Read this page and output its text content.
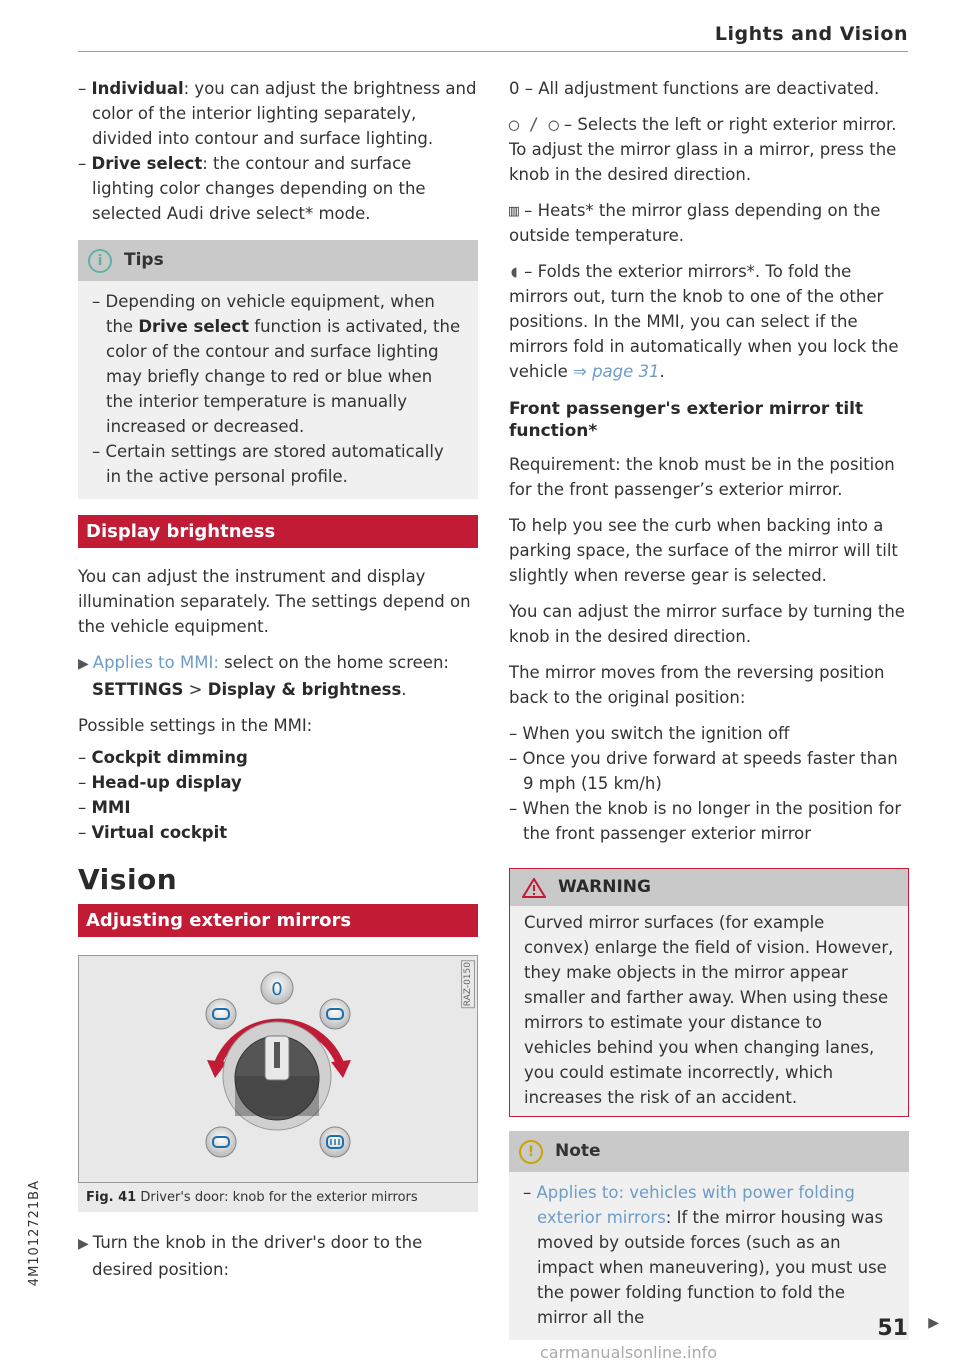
Lights and Vision

– Individual: you can adjust the brightness and color of the interior lighting separately, divided into contour and surface lighting.

– Drive select: the contour and surface lighting color changes depending on the selected Audi drive select* mode.

i	Tips

– Depending on vehicle equipment, when the Drive select function is activated, the color of the contour and surface lighting may briefly change to red or blue when the interior temperature is manually increased or decreased.

– Certain settings are stored automatically in the active personal profile.

Display brightness

You can adjust the instrument and display illumination separately. The settings depend on the vehicle equipment.

▶ Applies to MMI: select on the home screen:
SETTINGS > Display & brightness.

Possible settings in the MMI:

– Cockpit dimming
– Head-up display
– MMI
– Virtual cockpit
Vision
Adjusting exterior mirrors
RAZ-0150
0
Fig. 41 Driver's door: knob for the exterior mirrors

▶ Turn the knob in the driver's door to the desired position:

0 – All adjustment functions are deactivated.

◯ / ◯ – Selects the left or right exterior mirror. To adjust the mirror glass in a mirror, press the knob in the desired direction.

▥ – Heats* the mirror glass depending on the outside temperature.

◖ – Folds the exterior mirrors*. To fold the mirrors out, turn the knob to one of the other positions. In the MMI, you can select if the mirrors fold in automatically when you lock the vehicle ⇒ page 31.

Front passenger's exterior mirror tilt function*

Requirement: the knob must be in the position for the front passenger’s exterior mirror.

To help you see the curb when backing into a parking space, the surface of the mirror will tilt slightly when reverse gear is selected.

You can adjust the mirror surface by turning the knob in the desired direction.

The mirror moves from the reversing position back to the original position:

– When you switch the ignition off

– Once you drive forward at speeds faster than 9 mph (15 km/h)

– When the knob is no longer in the position for the front passenger exterior mirror

WARNING

Curved mirror surfaces (for example convex) enlarge the field of vision. However, they make objects in the mirror appear smaller and farther away. When using these mirrors to estimate your distance to vehicles behind you when changing lanes, you could estimate incorrectly, which increases the risk of an accident.

!	Note

– Applies to: vehicles with power folding exterior mirrors: If the mirror housing was moved by outside forces (such as an impact when maneuvering), you must use the power folding function to fold the mirror all the	▶
4M1012721BA
51
carmanualsonline.info
